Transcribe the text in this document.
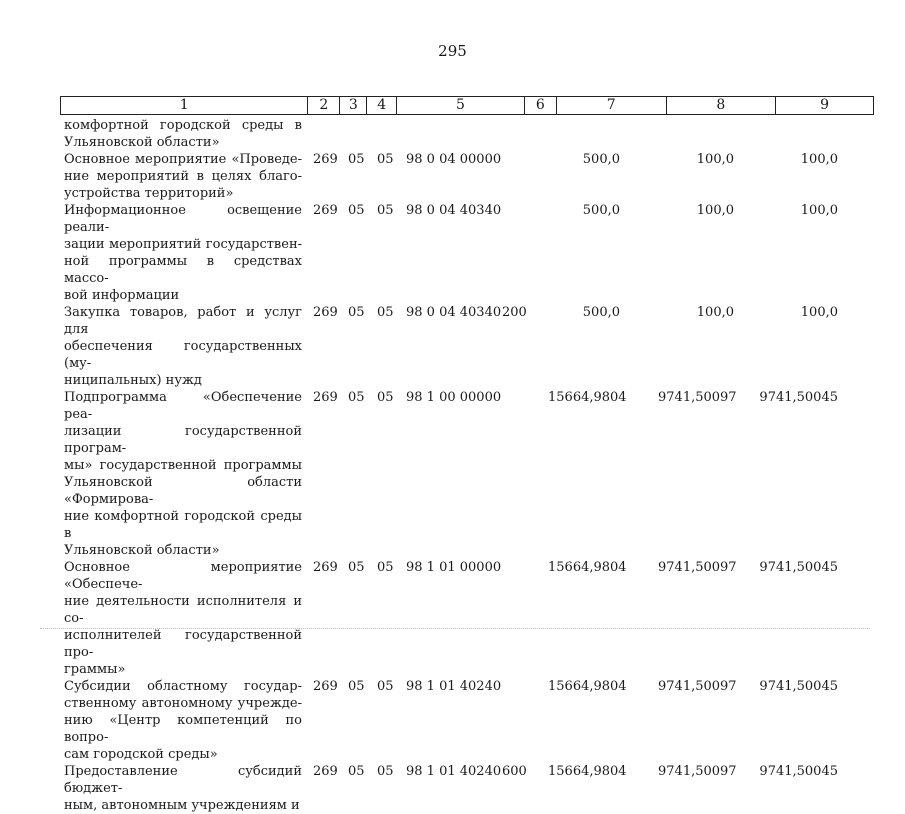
295
1	2	3	4	5	6	7	8	9
комфортной городской среды в
Ульяновской области»
Основное мероприятие «Проведе-
ние мероприятий в целях благо-
устройства территорий»
269 05 05 98 0 04 00000	500,0	100,0	100,0
Информационное освещение реали-
зации мероприятий государствен-
ной программы в средствах массо-
вой информации
269 05 05 98 0 04 40340	500,0	100,0	100,0
Закупка товаров, работ и услуг для
обеспечения государственных (му-
ниципальных) нужд
269 05 05 98 0 04 40340 200	500,0	100,0	100,0
Подпрограмма «Обеспечение реа-
лизации государственной програм-
мы» государственной программы
Ульяновской области «Формирова-
ние комфортной городской среды в
Ульяновской области»
269 05 05 98 1 00 00000	15664,9804 9741,50097 9741,50045
Основное мероприятие «Обеспече-
ние деятельности исполнителя и со-
исполнителей государственной про-
граммы»
269 05 05 98 1 01 00000	15664,9804 9741,50097 9741,50045
Субсидии областному государ-
ственному автономному учрежде-
нию «Центр компетенций по вопро-
сам городской среды»
269 05 05 98 1 01 40240	15664,9804 9741,50097 9741,50045
Предоставление субсидий бюджет-
ным, автономным учреждениям и
269 05 05 98 1 01 40240 600 15664,9804 9741,50097 9741,50045
